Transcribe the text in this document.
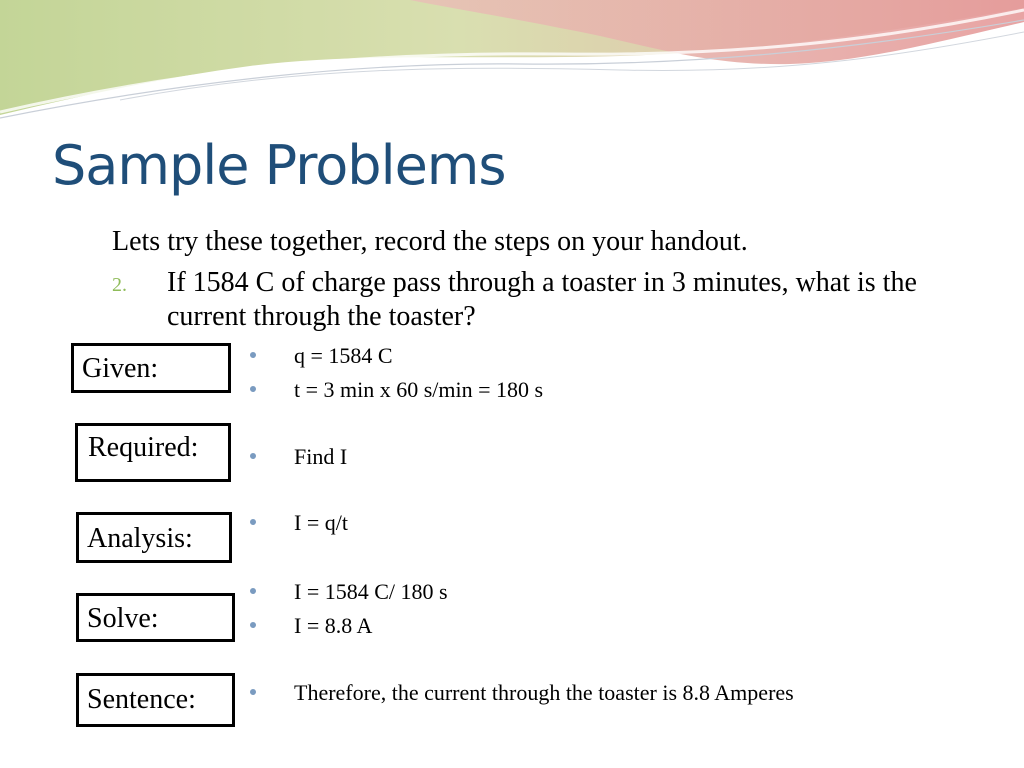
Sample Problems
Lets try these together, record the steps on your handout.
2. If 1584 C of charge pass through a toaster in 3 minutes, what is the current through the toaster?
Given:
Required:
Analysis:
Solve:
Sentence:
q = 1584 C
t = 3 min x 60 s/min = 180 s
Find I
I = q/t
I = 1584 C/ 180 s
I = 8.8 A
Therefore, the current through the toaster is 8.8 Amperes
